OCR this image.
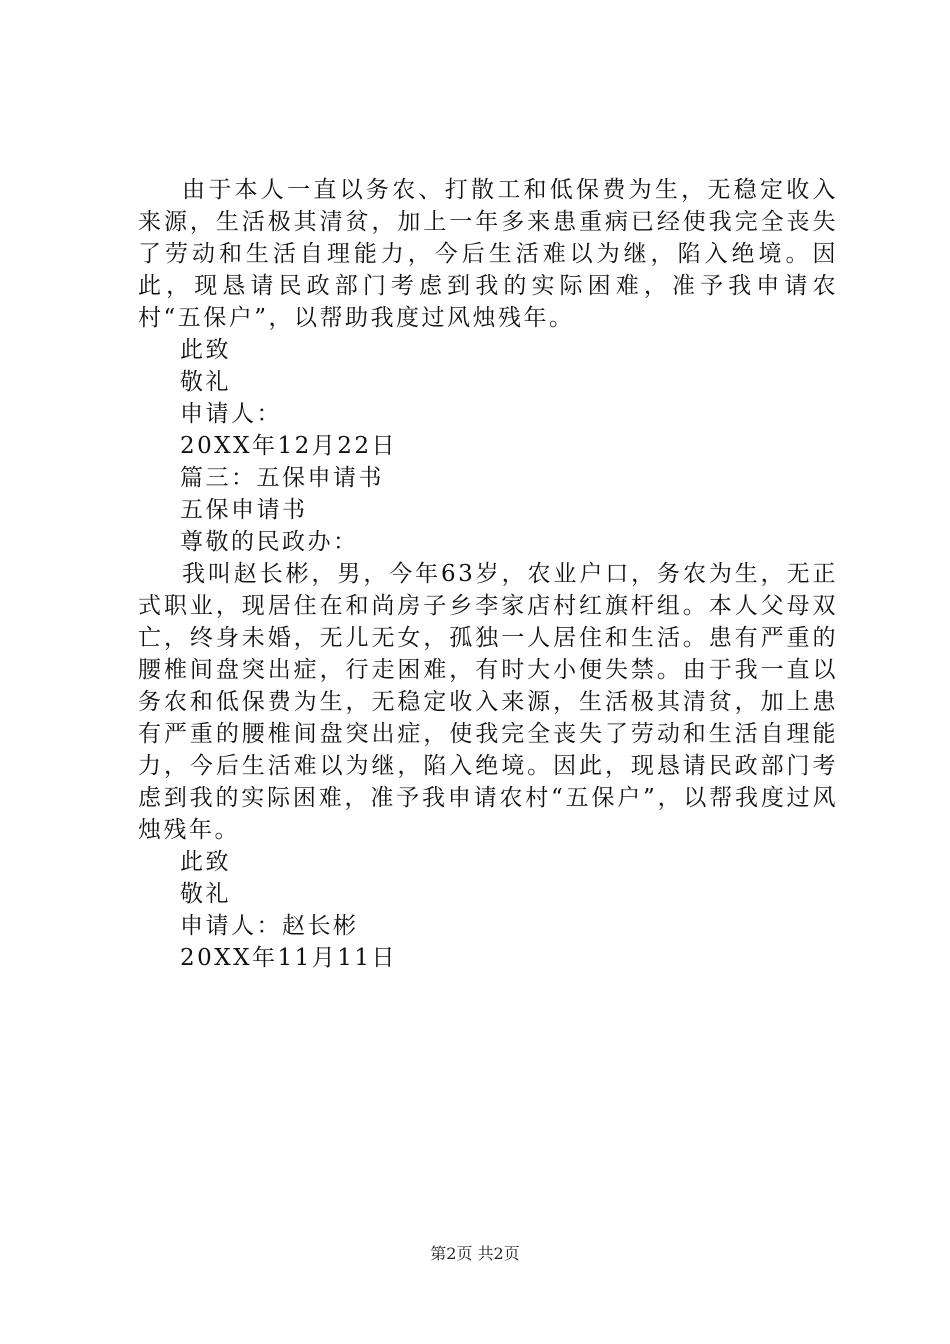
由于本人一直以务农、打散工和低保费为生，无稳定收入来源，生活极其清贫，加上一年多来患重病已经使我完全丧失了劳动和生活自理能力，今后生活难以为继，陷入绝境。因此，现恳请民政部门考虑到我的实际困难，准予我申请农村“五保户”，以帮助我度过风烛残年。

此致

敬礼

申请人：

20XX年12月22日

篇三：五保申请书

五保申请书

尊敬的民政办：

我叫赵长彬，男，今年63岁，农业户口，务农为生，无正式职业，现居住在和尚房子乡李家店村红旗杆组。本人父母双亡，终身未婚，无儿无女，孤独一人居住和生活。患有严重的腰椎间盘突出症，行走困难，有时大小便失禁。由于我一直以务农和低保费为生，无稳定收入来源，生活极其清贫，加上患有严重的腰椎间盘突出症，使我完全丧失了劳动和生活自理能力，今后生活难以为继，陷入绝境。因此，现恳请民政部门考虑到我的实际困难，准予我申请农村“五保户”，以帮我度过风烛残年。

此致

敬礼

申请人：赵长彬

20XX年11月11日

第2页 共2页
